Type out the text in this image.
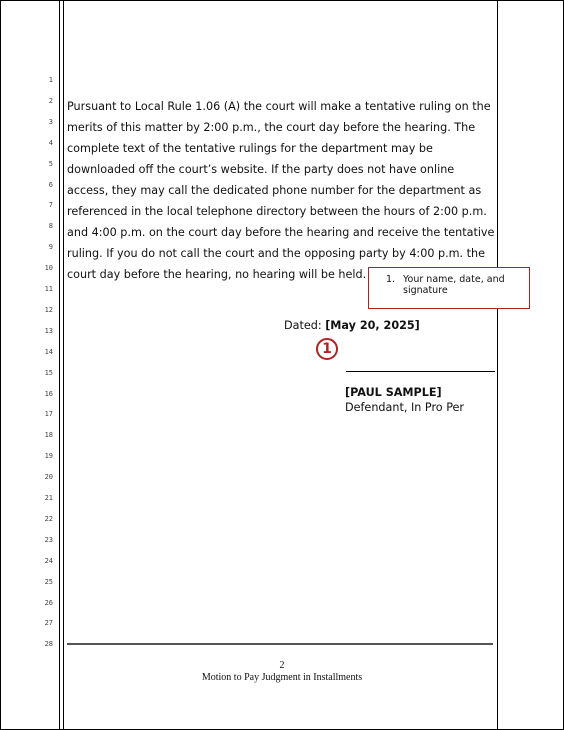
1
2
3
4
5
6
7
8
9
10
11
12
13
14
15
16
17
18
19
20
21
22
23
24
25
26
27
28

Pursuant to Local Rule 1.06 (A) the court will make a tentative ruling on the merits of this matter by 2:00 p.m., the court day before the hearing. The complete text of the tentative rulings for the department may be downloaded off the court’s website. If the party does not have online access, they may call the dedicated phone number for the department as referenced in the local telephone directory between the hours of 2:00 p.m. and 4:00 p.m. on the court day before the hearing and receive the tentative ruling. If you do not call the court and the opposing party by 4:00 p.m. the court day before the hearing, no hearing will be held.	1. Your name, date, and signature
Dated: [May 20, 2025]
1
[PAUL SAMPLE]
Defendant, In Pro Per
2
Motion to Pay Judgment in Installments
